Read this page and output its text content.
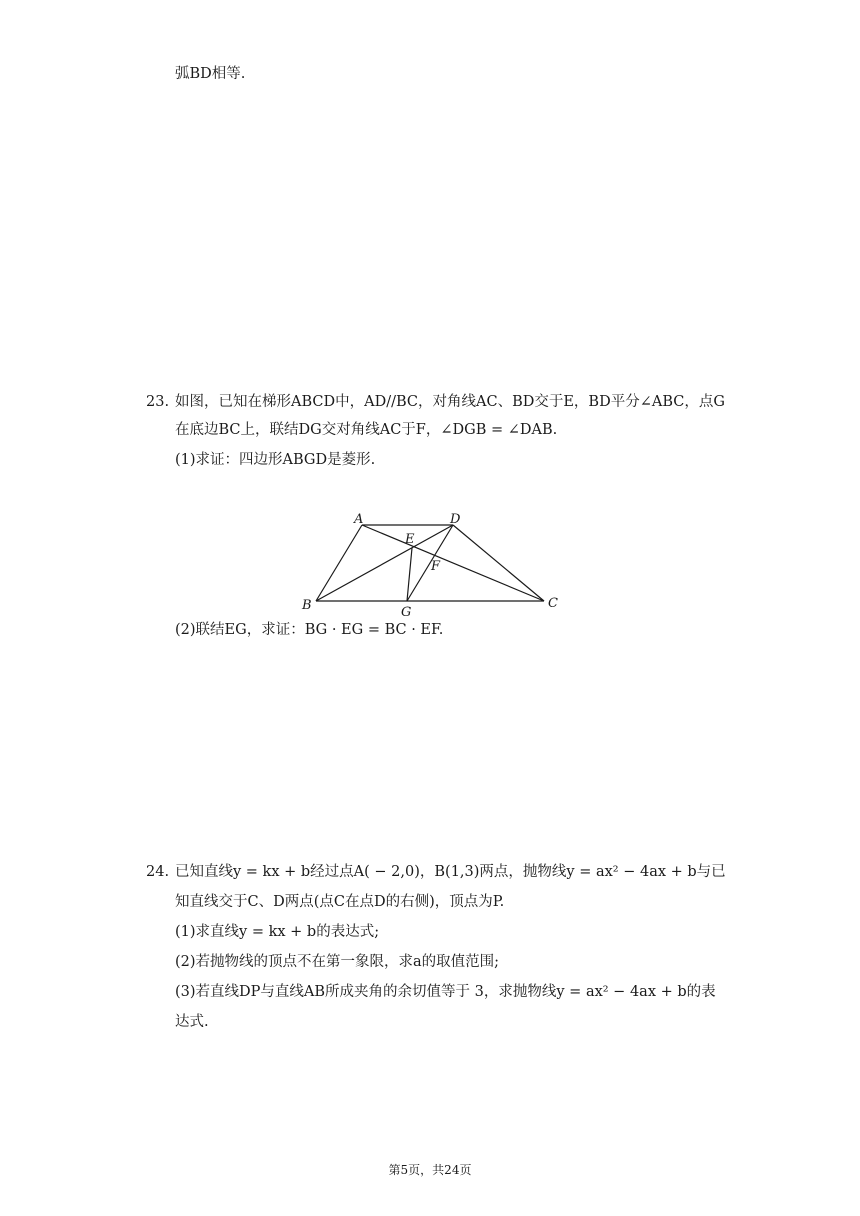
弧BD相等.
23. 如图，已知在梯形ABCD中，AD//BC，对角线AC、BD交于E，BD平分∠ABC，点G
在底边BC上，联结DG交对角线AC于F，∠DGB = ∠DAB.
(1)求证：四边形ABGD是菱形.
A	D
E
F
B	G
C
(2)联结EG，求证：BG · EG = BC · EF.
24. 已知直线y = kx + b经过点A( − 2,0)，B(1,3)两点，抛物线y = ax² − 4ax + b与已
知直线交于C、D两点(点C在点D的右侧)，顶点为P.
(1)求直线y = kx + b的表达式;
(2)若抛物线的顶点不在第一象限，求a的取值范围;
(3)若直线DP与直线AB所成夹角的余切值等于 3，求抛物线y = ax² − 4ax + b的表
达式.
第5页，共24页
